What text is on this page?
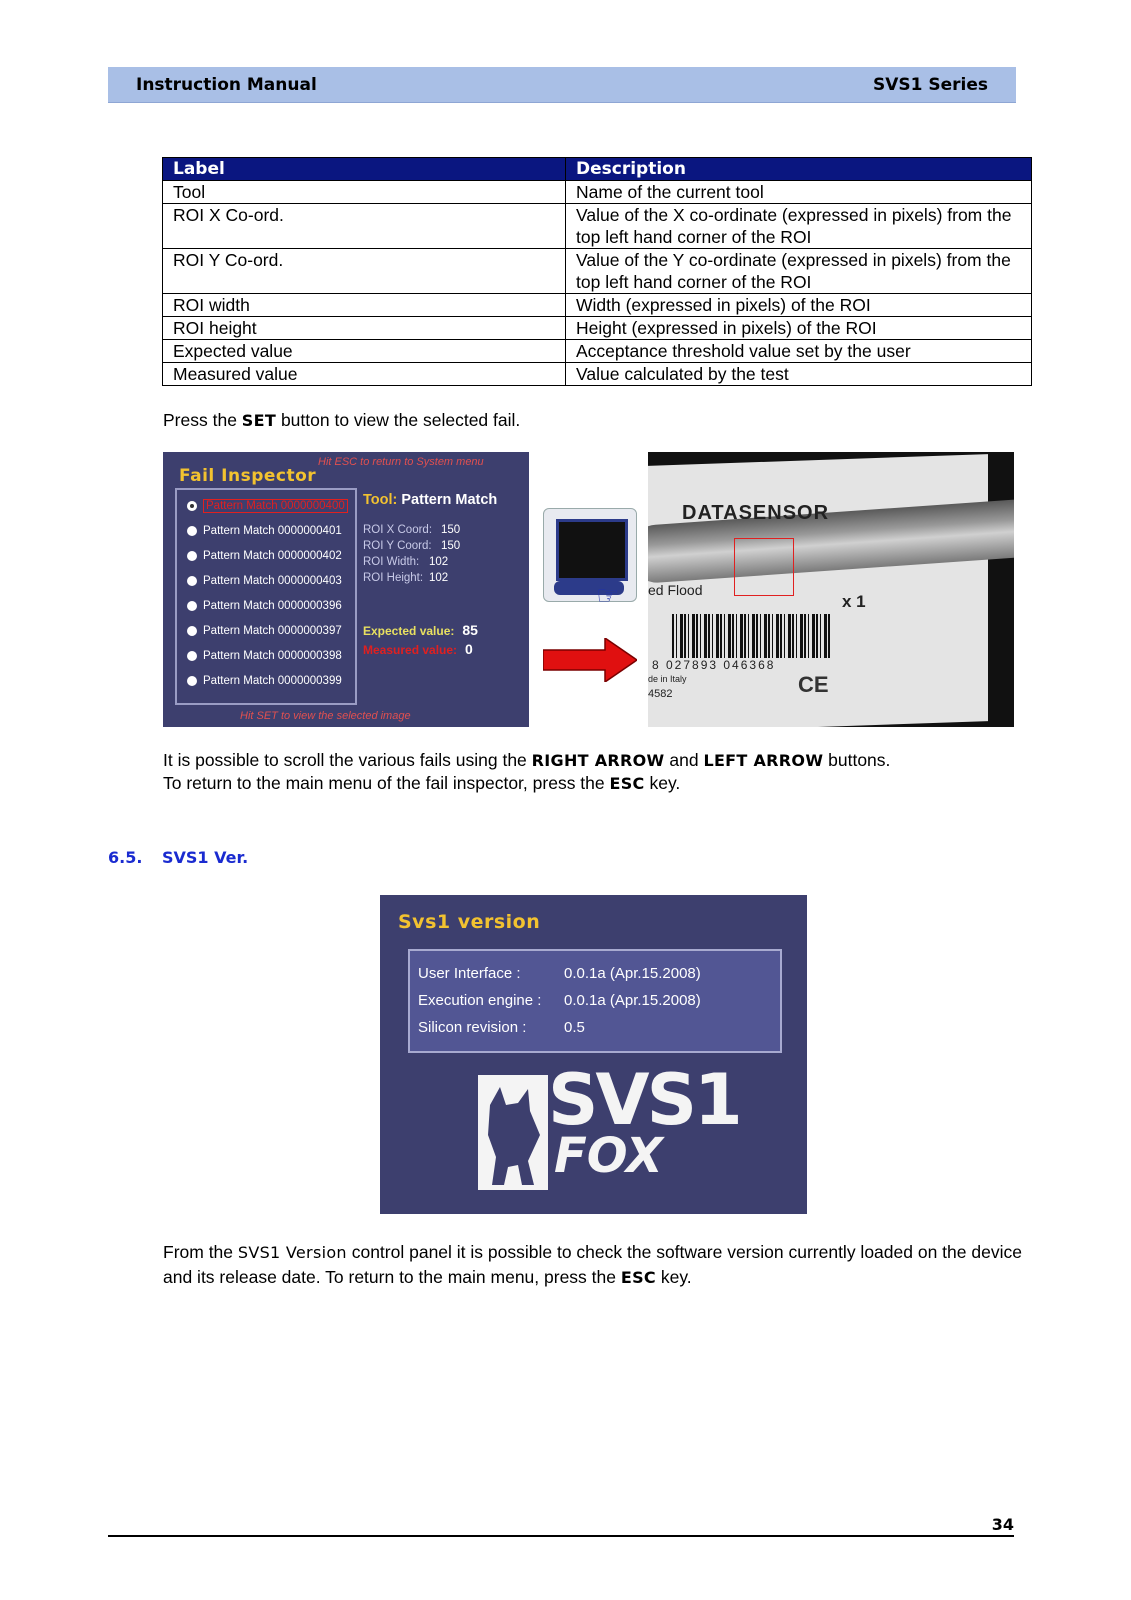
Instruction Manual	SVS1 Series
Label	Description
Tool	Name of the current tool
ROI X Co-ord.	Value of the X co-ordinate (expressed in pixels) from the top left hand corner of the ROI
ROI Y Co-ord.	Value of the Y co-ordinate (expressed in pixels) from the top left hand corner of the ROI
ROI width	Width (expressed in pixels) of the ROI
ROI height	Height (expressed in pixels) of the ROI
Expected value	Acceptance threshold value set by the user
Measured value	Value calculated by the test
Press the SET button to view the selected fail.
Fail Inspector
Hit ESC to return to System menu
Pattern Match 0000000400
Pattern Match 0000000401
Pattern Match 0000000402
Pattern Match 0000000403
Pattern Match 0000000396
Pattern Match 0000000397
Pattern Match 0000000398
Pattern Match 0000000399
Tool: Pattern Match
ROI X Coord: 150
ROI Y Coord: 150
ROI Width: 102
ROI Height: 102
Expected value: 85
Measured value: 0
Hit SET to view the selected image
☞
DATASENSOR
ed Flood
x 1
8 027893 046368
de in Italy
4582	CE
It is possible to scroll the various fails using the RIGHT ARROW and LEFT ARROW buttons.
To return to the main menu of the fail inspector, press the ESC key.
6.5. SVS1 Ver.
Svs1 version
User Interface :	0.0.1a (Apr.15.2008)
Execution engine : 0.0.1a (Apr.15.2008)
Silicon revision :	0.5
SVS1
FOX
From the SVS1 Version control panel it is possible to check the software version currently loaded on the device and its release date. To return to the main menu, press the ESC key.
34
